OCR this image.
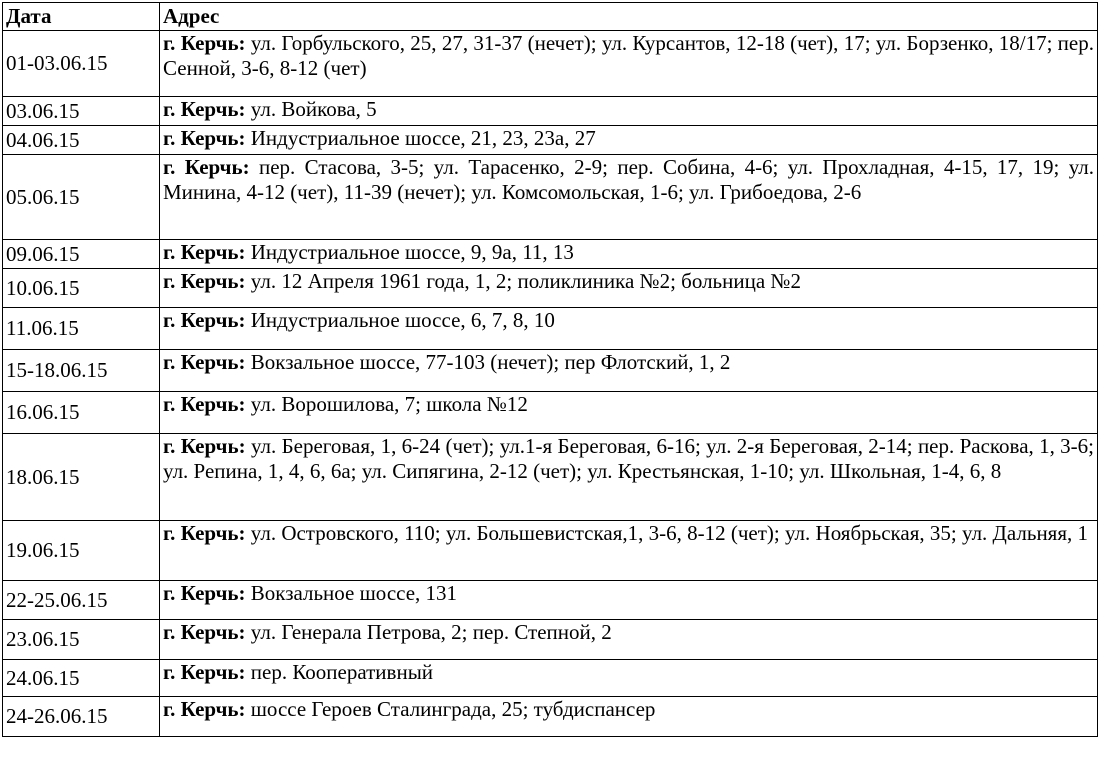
Дата	Адрес
01-03.06.15	г. Керчь: ул. Горбульского, 25, 27, 31-37 (нечет); ул. Курсантов, 12-18 (чет), 17; ул. Борзенко, 18/17; пер. Сенной, 3-6, 8-12 (чет)
03.06.15	г. Керчь: ул. Войкова, 5
04.06.15	г. Керчь: Индустриальное шоссе, 21, 23, 23а, 27
05.06.15	г. Керчь: пер. Стасова, 3-5; ул. Тарасенко, 2-9; пер. Собина, 4-6; ул. Прохладная, 4-15, 17, 19; ул. Минина, 4-12 (чет), 11-39 (нечет); ул. Комсомольская, 1-6; ул. Грибоедова, 2-6
09.06.15	г. Керчь: Индустриальное шоссе, 9, 9а, 11, 13
10.06.15	г. Керчь: ул. 12 Апреля 1961 года, 1, 2; поликлиника №2; больница №2
11.06.15	г. Керчь: Индустриальное шоссе, 6, 7, 8, 10
15-18.06.15	г. Керчь: Вокзальное шоссе, 77-103 (нечет); пер Флотский, 1, 2
16.06.15	г. Керчь: ул. Ворошилова, 7; школа №12
18.06.15	г. Керчь: ул. Береговая, 1, 6-24 (чет); ул.1-я Береговая, 6-16; ул. 2-я Береговая, 2-14; пер. Раскова, 1, 3-6; ул. Репина, 1, 4, 6, 6а; ул. Сипягина, 2-12 (чет); ул. Крестьянская, 1-10; ул. Школьная, 1-4, 6, 8
19.06.15	г. Керчь: ул. Островского, 110; ул. Большевистская,1, 3-6, 8-12 (чет); ул. Ноябрьская, 35; ул. Дальняя, 1
22-25.06.15	г. Керчь: Вокзальное шоссе, 131
23.06.15	г. Керчь: ул. Генерала Петрова, 2; пер. Степной, 2
24.06.15	г. Керчь: пер. Кооперативный
24-26.06.15	г. Керчь: шоссе Героев Сталинграда, 25; тубдиспансер
